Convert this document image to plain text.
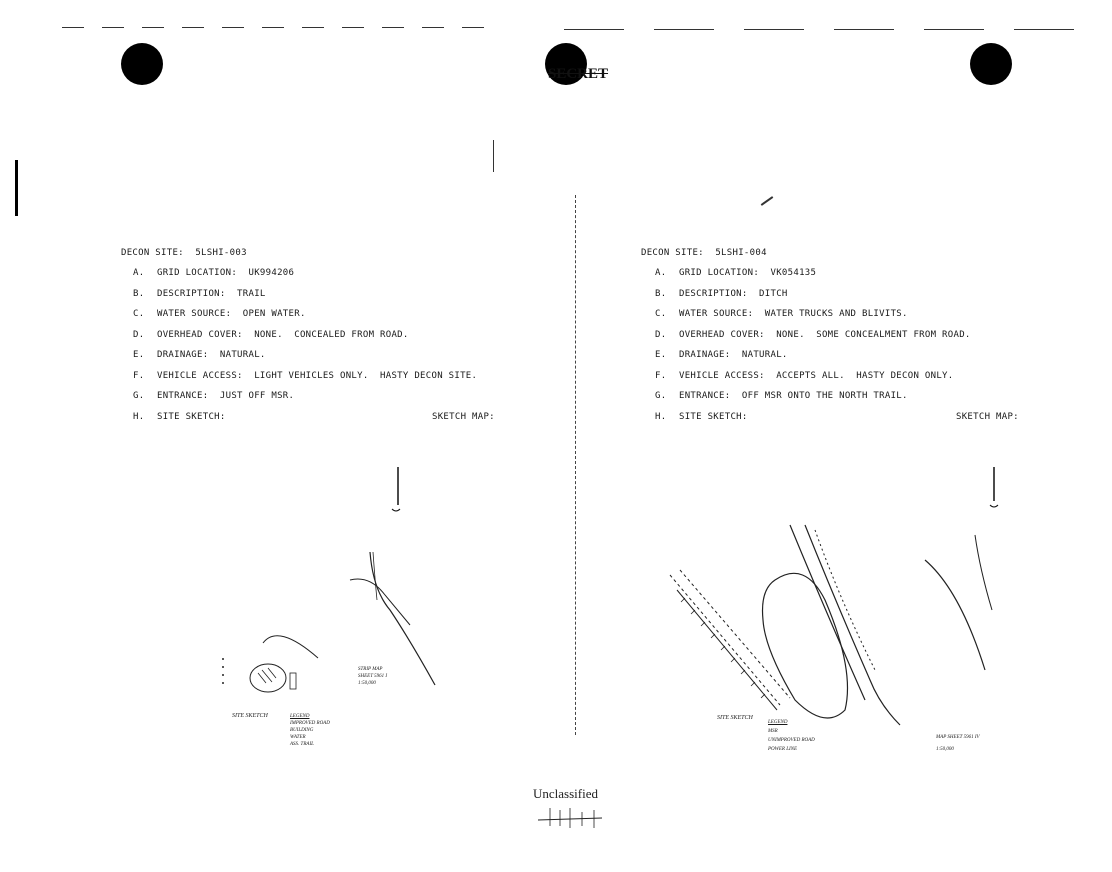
SECRET
DECON SITE:  5LSHI-003
A. GRID LOCATION:  UK994206
B. DESCRIPTION:  TRAIL
C. WATER SOURCE:  OPEN WATER.
D. OVERHEAD COVER:  NONE.  CONCEALED FROM ROAD.
E. DRAINAGE:  NATURAL.
F. VEHICLE ACCESS:  LIGHT VEHICLES ONLY.  HASTY DECON SITE.
G. ENTRANCE:  JUST OFF MSR.
H. SITE SKETCH:	SKETCH MAP:
DECON SITE:  5LSHI-004
A. GRID LOCATION:  VK054135
B. DESCRIPTION:  DITCH
C. WATER SOURCE:  WATER TRUCKS AND BLIVITS.
D. OVERHEAD COVER:  NONE.  SOME CONCEALMENT FROM ROAD.
E. DRAINAGE:  NATURAL.
F. VEHICLE ACCESS:  ACCEPTS ALL.  HASTY DECON ONLY.
G. ENTRANCE:  OFF MSR ONTO THE NORTH TRAIL.
H. SITE SKETCH:	SKETCH MAP:
SITE SKETCH	LEGEND
IMPROVED ROAD
BUILDING
WATER
ASS. TRAIL
STRIP MAP
SHEET 5961 I
1:50,000
SITE SKETCH
LEGEND
MSR
UNIMPROVED ROAD
POWER LINE
MAP SHEET 5961 IV
1:50,000
Unclassified
